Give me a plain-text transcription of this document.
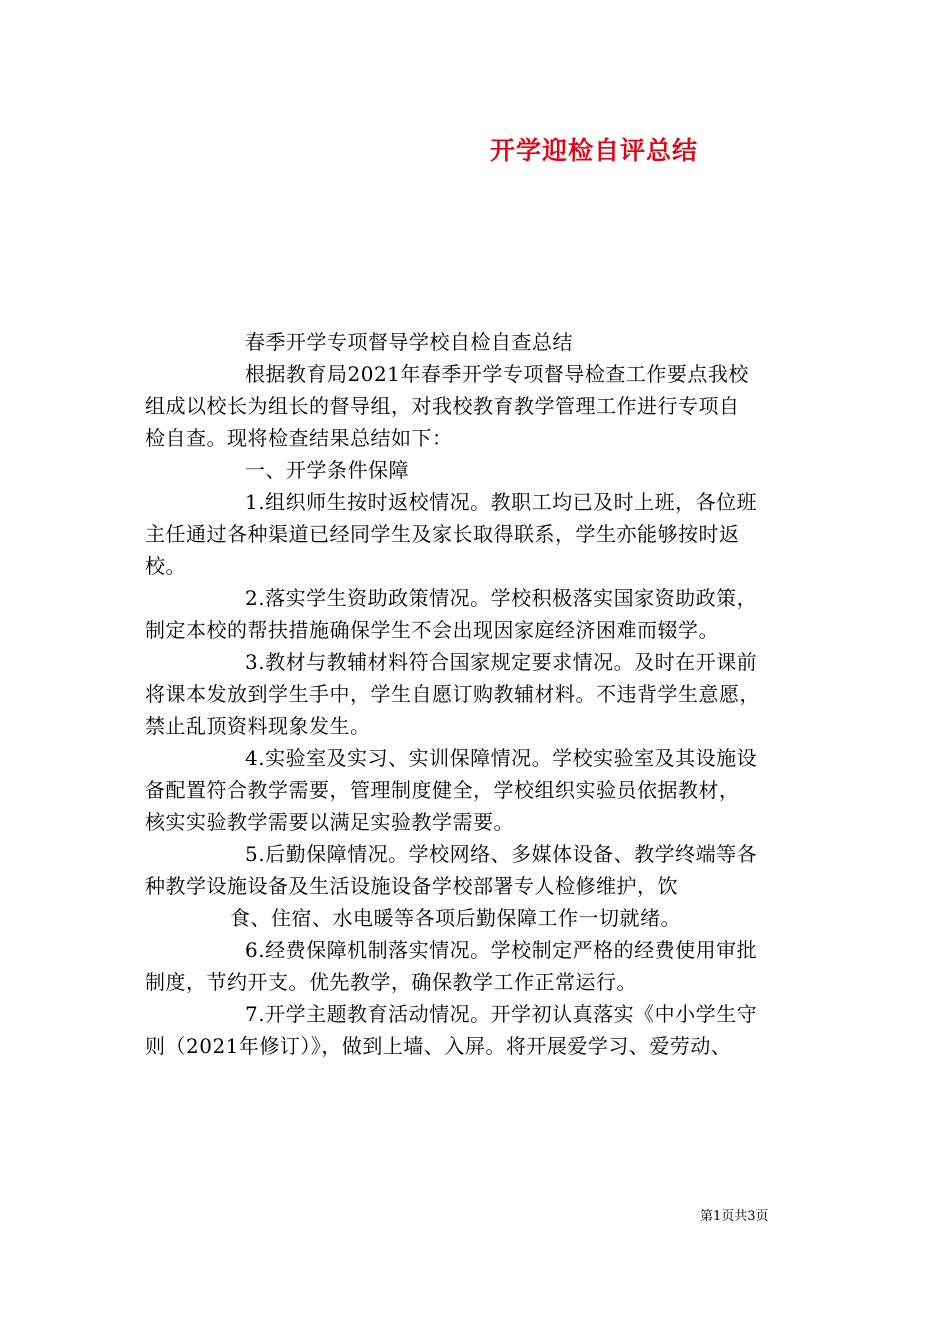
开学迎检自评总结
春季开学专项督导学校自检自查总结
根据教育局2021年春季开学专项督导检查工作要点我校
组成以校长为组长的督导组，对我校教育教学管理工作进行专项自
检自查。现将检查结果总结如下：
一、开学条件保障
1.组织师生按时返校情况。教职工均已及时上班，各位班
主任通过各种渠道已经同学生及家长取得联系，学生亦能够按时返
校。
2.落实学生资助政策情况。学校积极落实国家资助政策，
制定本校的帮扶措施确保学生不会出现因家庭经济困难而辍学。
3.教材与教辅材料符合国家规定要求情况。及时在开课前
将课本发放到学生手中，学生自愿订购教辅材料。不违背学生意愿，
禁止乱顶资料现象发生。
4.实验室及实习、实训保障情况。学校实验室及其设施设
备配置符合教学需要，管理制度健全，学校组织实验员依据教材，
核实实验教学需要以满足实验教学需要。
5.后勤保障情况。学校网络、多媒体设备、教学终端等各
种教学设施设备及生活设施设备学校部署专人检修维护，饮
食、住宿、水电暖等各项后勤保障工作一切就绪。
6.经费保障机制落实情况。学校制定严格的经费使用审批
制度，节约开支。优先教学，确保教学工作正常运行。
7.开学主题教育活动情况。开学初认真落实《中小学生守
则（2021年修订）》，做到上墙、入屏。将开展爱学习、爱劳动、
第1页共3页
